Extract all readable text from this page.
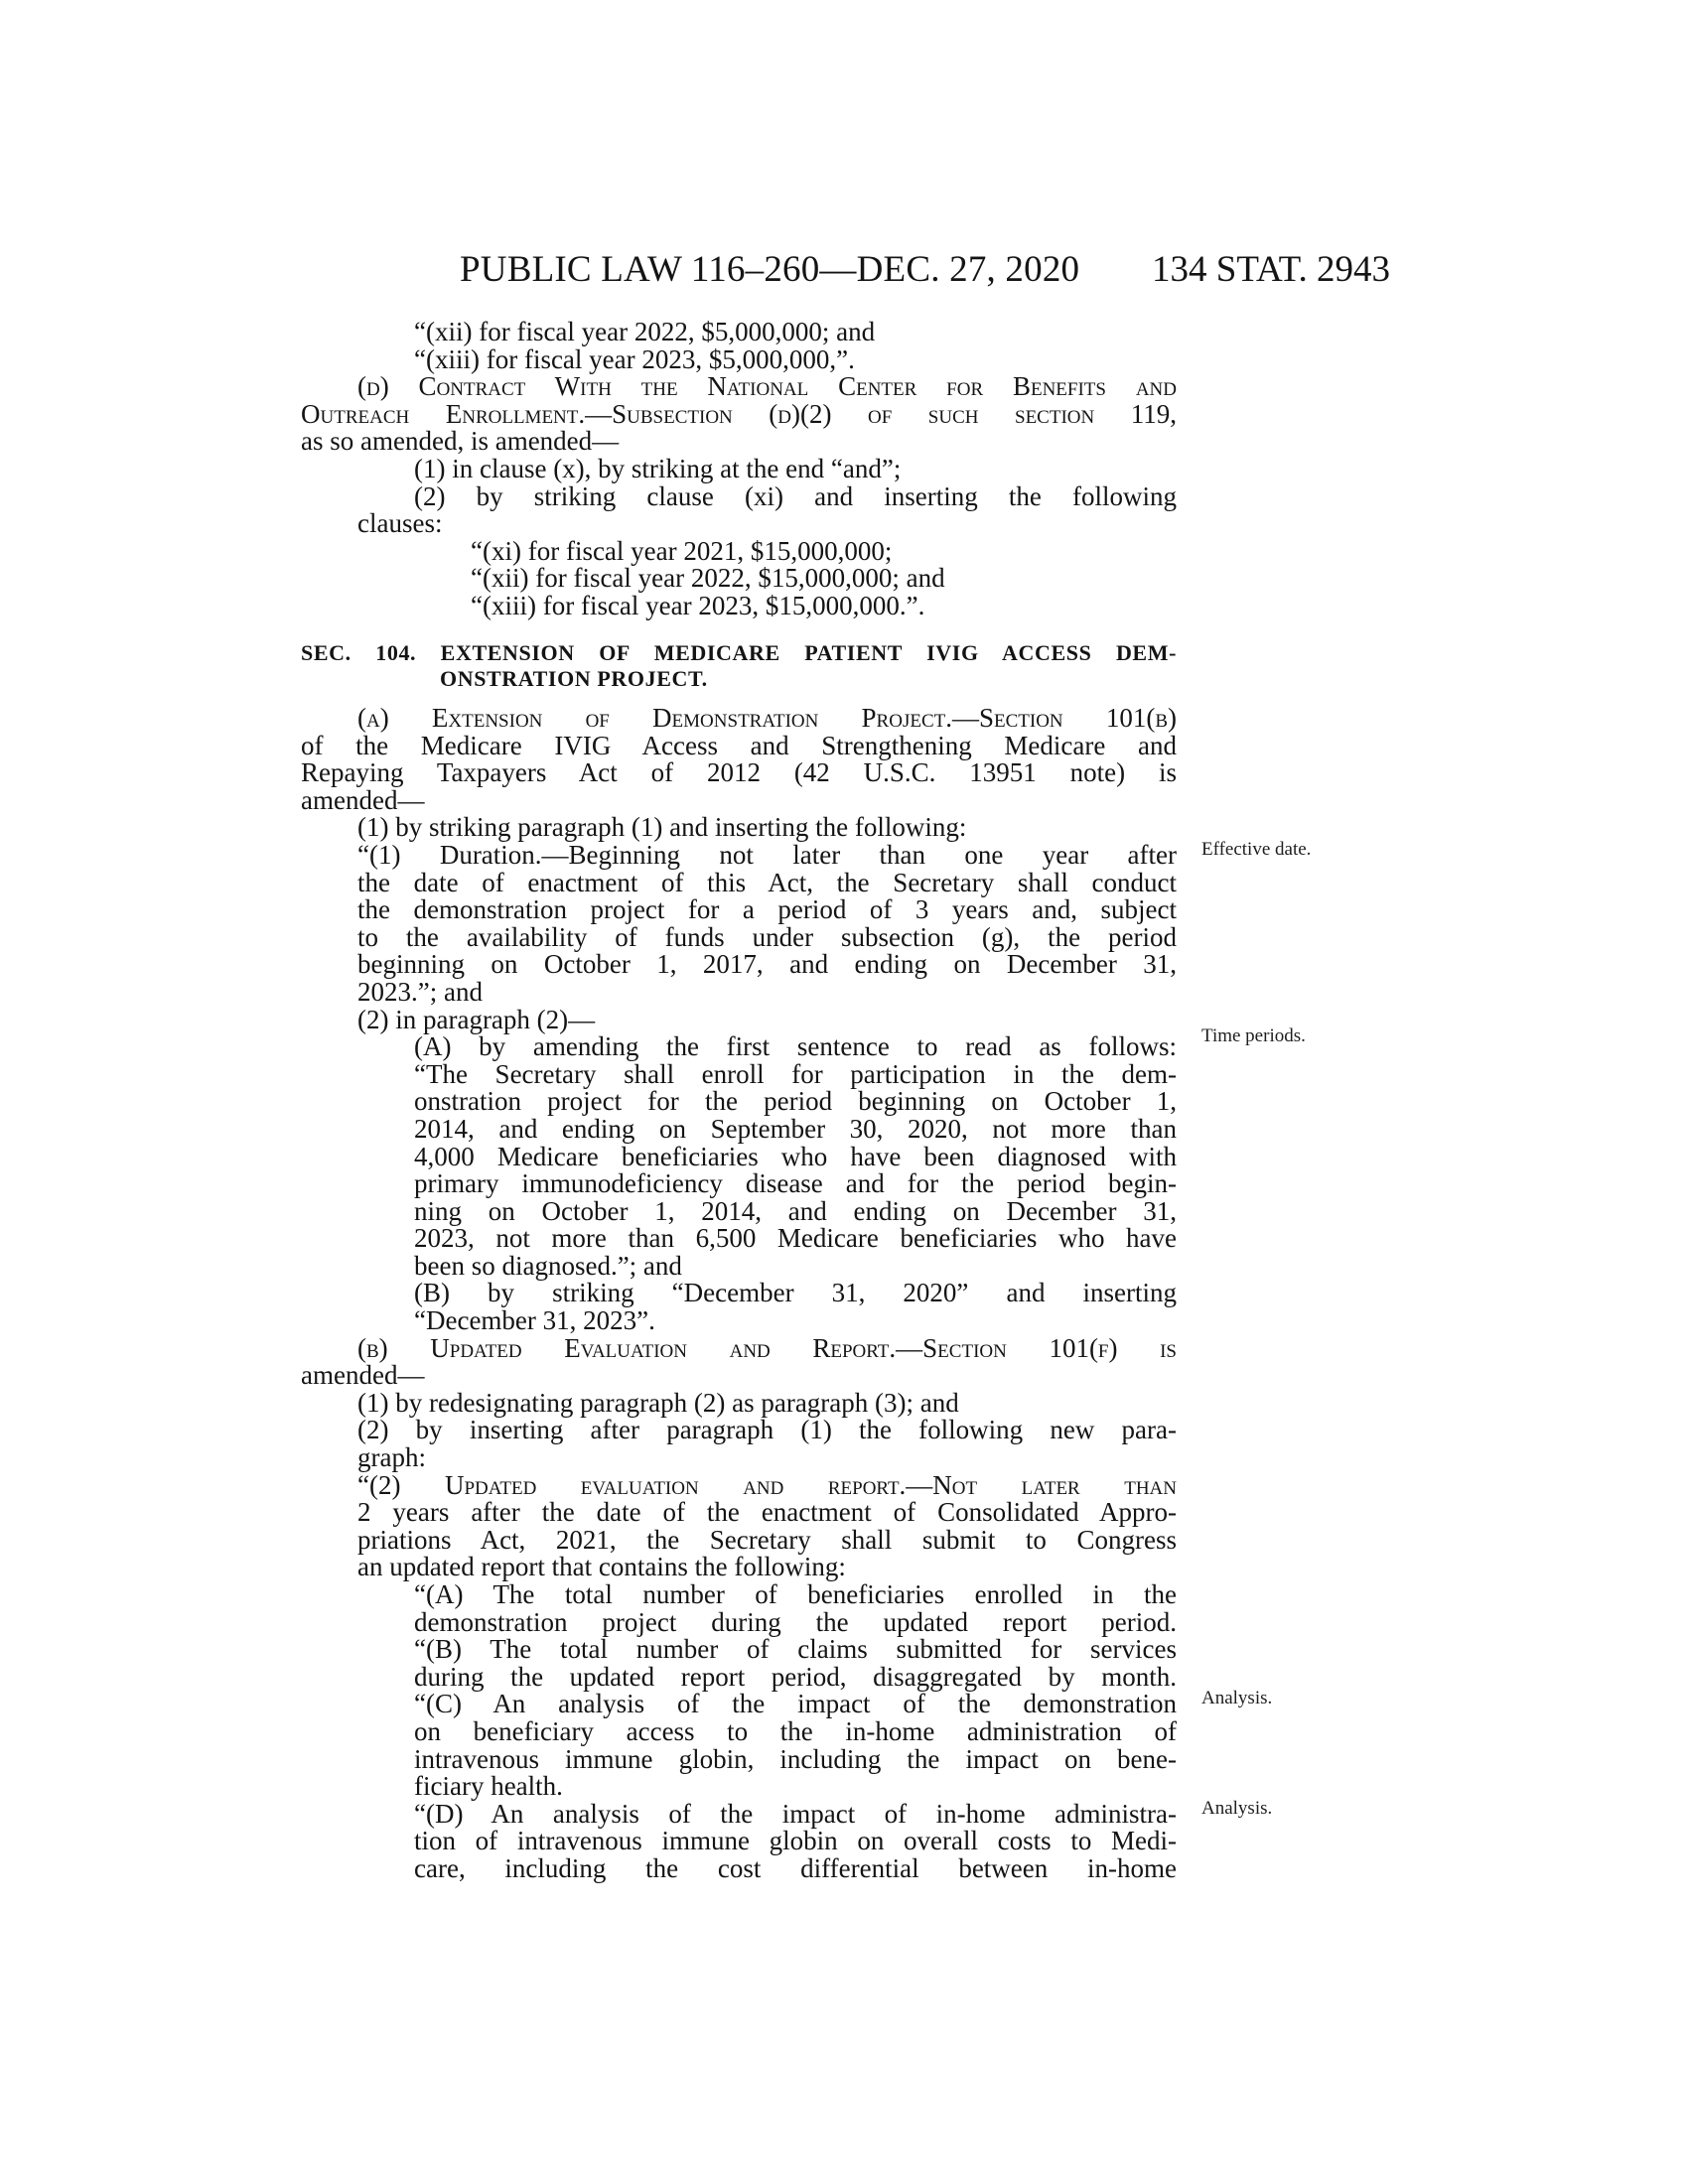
PUBLIC LAW 116–260—DEC. 27, 2020	134 STAT. 2943
“(xii) for fiscal year 2022, $5,000,000; and
“(xiii) for fiscal year 2023, $5,000,000,”.
(d) Contract With the National Center for Benefits and
Outreach Enrollment.—Subsection (d)(2) of such section 119,
as so amended, is amended—
(1) in clause (x), by striking at the end “and”;
(2) by striking clause (xi) and inserting the following
clauses:
“(xi) for fiscal year 2021, $15,000,000;
“(xii) for fiscal year 2022, $15,000,000; and
“(xiii) for fiscal year 2023, $15,000,000.”.
SEC. 104. EXTENSION OF MEDICARE PATIENT IVIG ACCESS DEM-
ONSTRATION PROJECT.
(a) Extension of Demonstration Project.—Section 101(b)
of the Medicare IVIG Access and Strengthening Medicare and
Repaying Taxpayers Act of 2012 (42 U.S.C. 13951 note) is
amended—
(1) by striking paragraph (1) and inserting the following:
“(1) Duration.—Beginning not later than one year after
the date of enactment of this Act, the Secretary shall conduct
the demonstration project for a period of 3 years and, subject
to the availability of funds under subsection (g), the period
beginning on October 1, 2017, and ending on December 31,
2023.”; and
(2) in paragraph (2)—
(A) by amending the first sentence to read as follows:
“The Secretary shall enroll for participation in the dem-
onstration project for the period beginning on October 1,
2014, and ending on September 30, 2020, not more than
4,000 Medicare beneficiaries who have been diagnosed with
primary immunodeficiency disease and for the period begin-
ning on October 1, 2014, and ending on December 31,
2023, not more than 6,500 Medicare beneficiaries who have
been so diagnosed.”; and
(B) by striking “December 31, 2020” and inserting
“December 31, 2023”.
(b) Updated Evaluation and Report.—Section 101(f) is
amended—
(1) by redesignating paragraph (2) as paragraph (3); and
(2) by inserting after paragraph (1) the following new para-
graph:
“(2) Updated evaluation and report.—Not later than
2 years after the date of the enactment of Consolidated Appro-
priations Act, 2021, the Secretary shall submit to Congress
an updated report that contains the following:
“(A) The total number of beneficiaries enrolled in the
demonstration project during the updated report period.
“(B) The total number of claims submitted for services
during the updated report period, disaggregated by month.
“(C) An analysis of the impact of the demonstration
on beneficiary access to the in-home administration of
intravenous immune globin, including the impact on bene-
ficiary health.
“(D) An analysis of the impact of in-home administra-
tion of intravenous immune globin on overall costs to Medi-
care, including the cost differential between in-home
Effective date.
Time periods.
Analysis.
Analysis.
